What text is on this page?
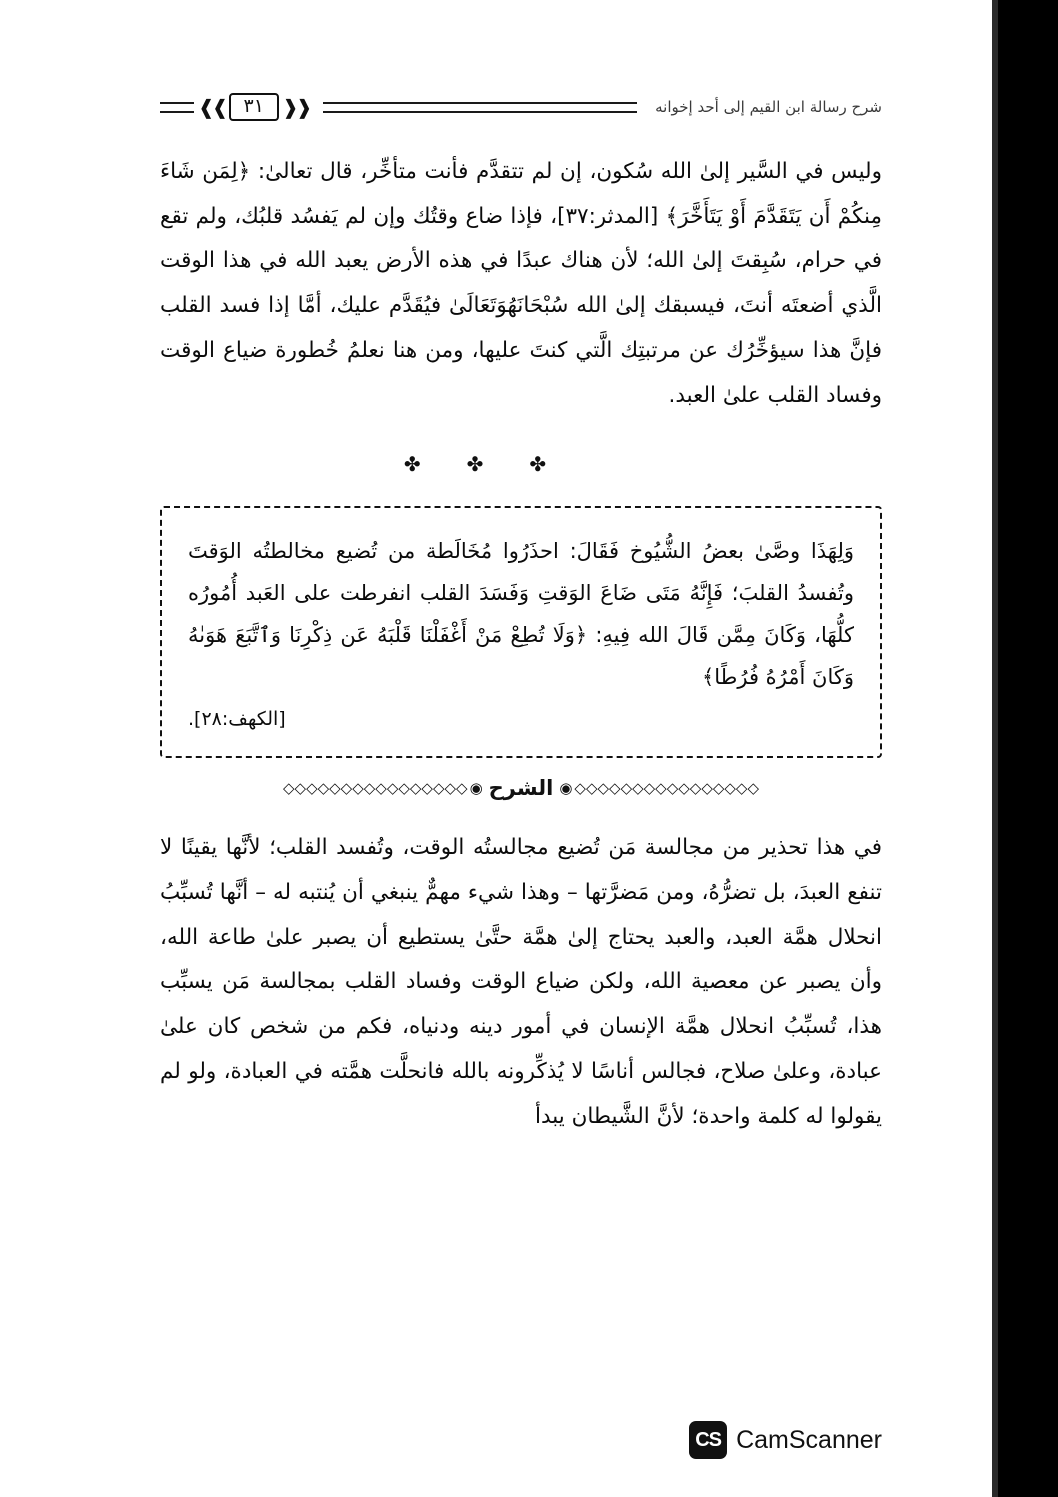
شرح رسالة ابن القيم إلى أحد إخوانه
❰❰
٣١
❱❱

وليس في السَّير إلىٰ الله سُكون، إن لم تتقدَّم فأنت متأخِّر، قال تعالىٰ: ﴿لِمَن شَاءَ مِنكُمْ أَن يَتَقَدَّمَ أَوْ يَتَأَخَّرَ﴾ [المدثر:٣٧]، فإذا ضاع وقتُك وإن لم يَفسُد قلبُك، ولم تقع في حرام، سُبِقتَ إلىٰ الله؛ لأن هناك عبدًا في هذه الأرض يعبد الله في هذا الوقت الَّذي أضعتَه أنتَ، فيسبقك إلىٰ الله سُبْحَانَهُوَتَعَالَىٰ فيُقَدَّم عليك، أمَّا إذا فسد القلب فإنَّ هذا سيؤخِّرُك عن مرتبتِك الَّتي كنتَ عليها، ومن هنا نعلمُ خُطورة ضياع الوقت وفساد القلب علىٰ العبد.

✤✤✤

وَلِهَذَا وصَّىٰ بعضُ الشُّيُوخ فَقَالَ: احذَرُوا مُخَالَطة من تُضيع مخالطتُه الوَقتَ وتُفسدُ القلبَ؛ فَإِنَّهُ مَتَى ضَاعَ الوَقتِ وَفَسَدَ القلب انفرطت على العَبد أُمُورُه كلُّهَا، وَكَانَ مِمَّن قَالَ الله فِيهِ: ﴿وَلَا تُطِعْ مَنْ أَغْفَلْنَا قَلْبَهُ عَن ذِكْرِنَا وَٱتَّبَعَ هَوَىٰهُ وَكَانَ أَمْرُهُ فُرُطًا﴾

[الكهف:٢٨].

◇◇◇◇◇◇◇◇◇◇◇◇◇◇◇◇
◉
الشرح
◉
◇◇◇◇◇◇◇◇◇◇◇◇◇◇◇◇

في هذا تحذير من مجالسة مَن تُضيع مجالستُه الوقت، وتُفسد القلب؛ لأنَّها يقينًا لا تنفع العبدَ، بل تضرُّهُ، ومن مَضرَّتها – وهذا شيء مهمٌّ ينبغي أن يُنتبه له – أنَّها تُسبِّبُ انحلال همَّة العبد، والعبد يحتاج إلىٰ همَّة حتَّىٰ يستطيع أن يصبر علىٰ طاعة الله، وأن يصبر عن معصية الله، ولكن ضياع الوقت وفساد القلب بمجالسة مَن يسبِّب هذا، تُسبِّبُ انحلال همَّة الإنسان في أمور دينه ودنياه، فكم من شخص كان علىٰ عبادة، وعلىٰ صلاح، فجالس أناسًا لا يُذكِّرونه بالله فانحلَّت همَّته في العبادة، ولو لم يقولوا له كلمة واحدة؛ لأنَّ الشَّيطان يبدأ

CS CamScanner
